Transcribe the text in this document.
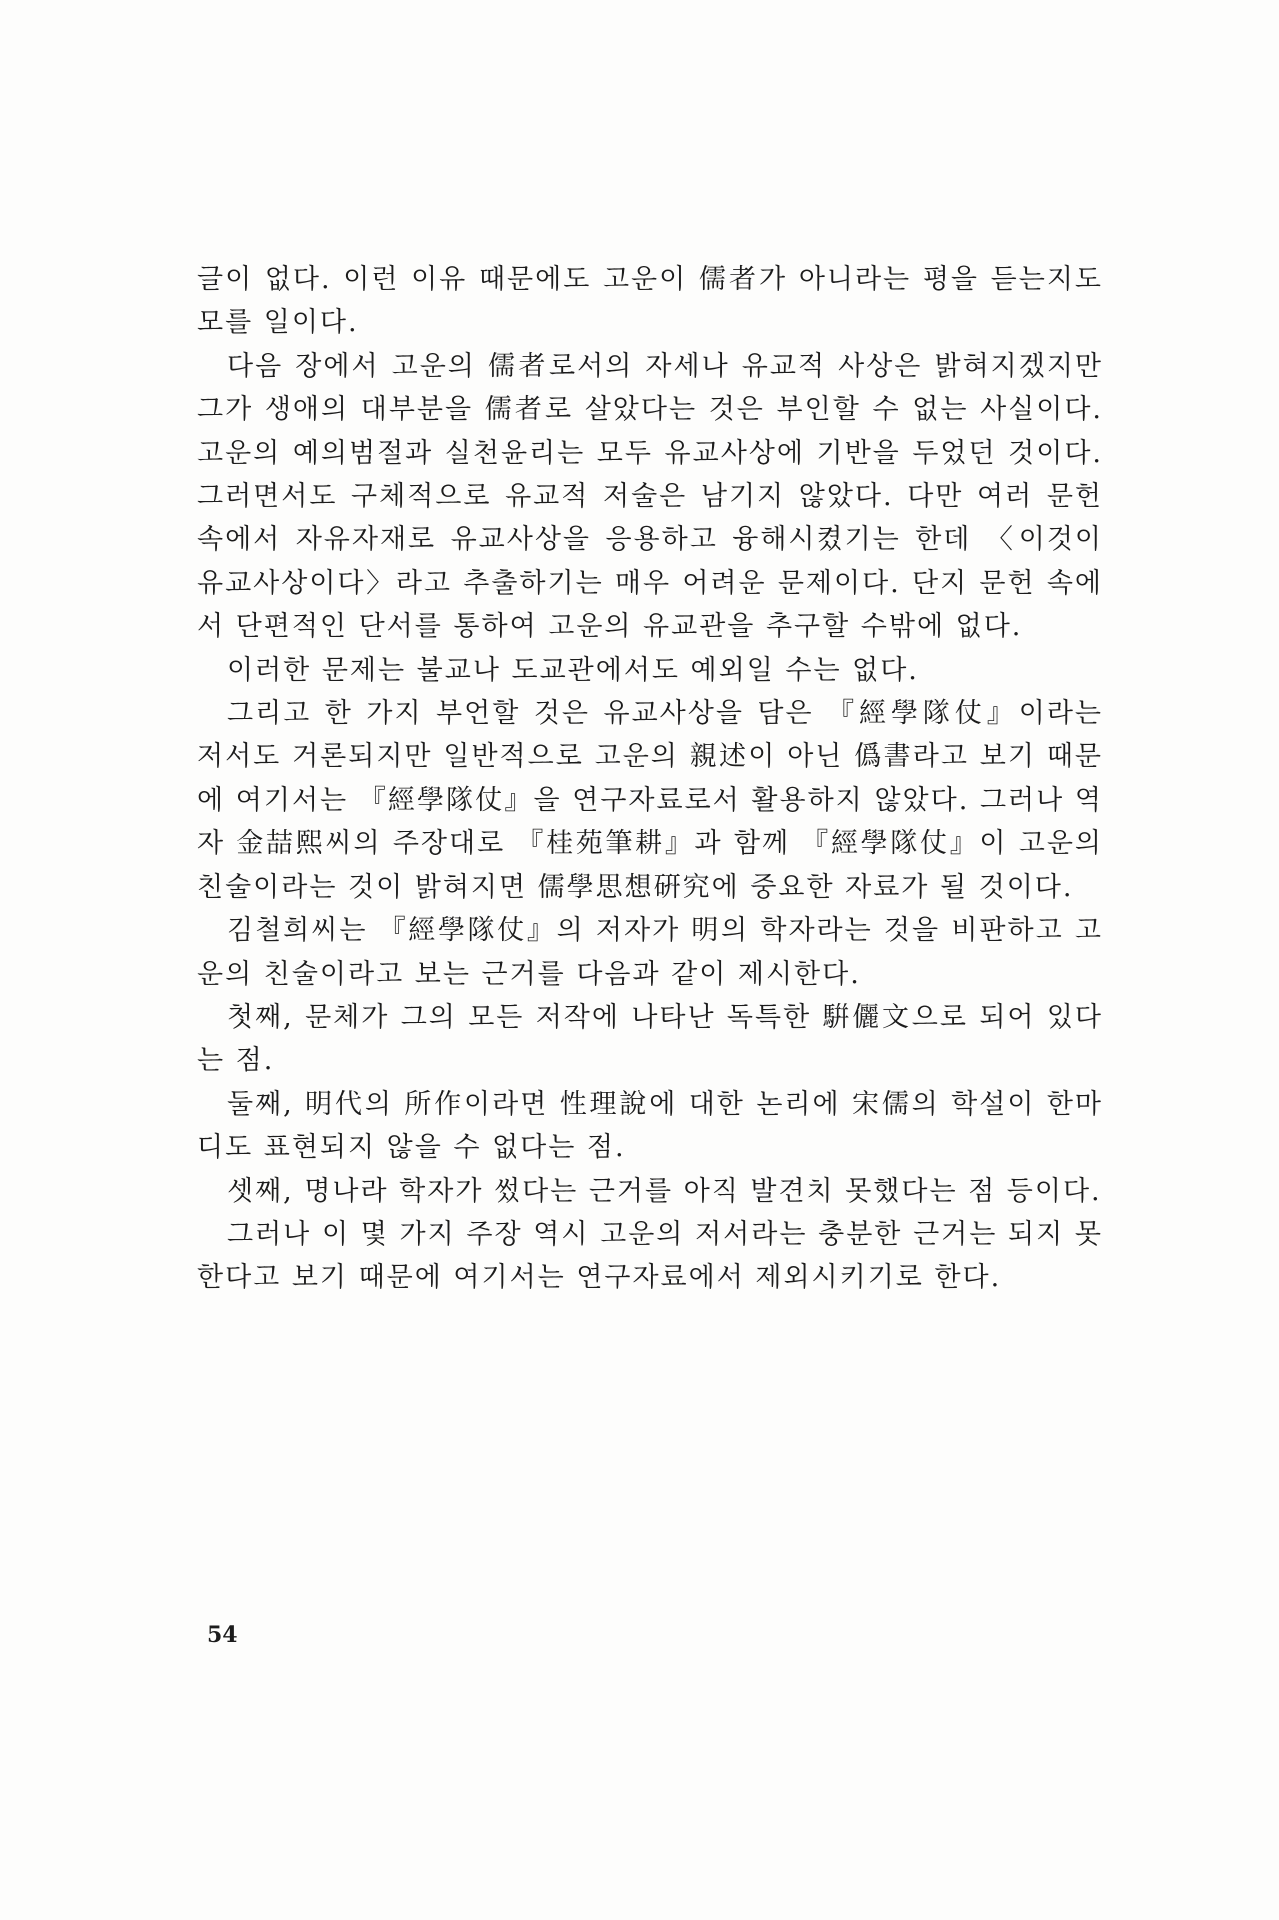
글이 없다. 이런 이유 때문에도 고운이 儒者가 아니라는 평을 듣는지도 모를 일이다.

다음 장에서 고운의 儒者로서의 자세나 유교적 사상은 밝혀지겠지만 그가 생애의 대부분을 儒者로 살았다는 것은 부인할 수 없는 사실이다. 고운의 예의범절과 실천윤리는 모두 유교사상에 기반을 두었던 것이다. 그러면서도 구체적으로 유교적 저술은 남기지 않았다. 다만 여러 문헌 속에서 자유자재로 유교사상을 응용하고 융해시켰기는 한데 〈이것이 유교사상이다〉라고 추출하기는 매우 어려운 문제이다. 단지 문헌 속에서 단편적인 단서를 통하여 고운의 유교관을 추구할 수밖에 없다.

이러한 문제는 불교나 도교관에서도 예외일 수는 없다.

그리고 한 가지 부언할 것은 유교사상을 담은 『經學隊仗』이라는 저서도 거론되지만 일반적으로 고운의 親述이 아닌 僞書라고 보기 때문에 여기서는 『經學隊仗』을 연구자료로서 활용하지 않았다. 그러나 역자 金喆熙씨의 주장대로 『桂苑筆耕』과 함께 『經學隊仗』이 고운의 친술이라는 것이 밝혀지면 儒學思想硏究에 중요한 자료가 될 것이다.

김철희씨는 『經學隊仗』의 저자가 明의 학자라는 것을 비판하고 고운의 친술이라고 보는 근거를 다음과 같이 제시한다.

첫째, 문체가 그의 모든 저작에 나타난 독특한 騈儷文으로 되어 있다는 점.

둘째, 明代의 所作이라면 性理說에 대한 논리에 宋儒의 학설이 한마디도 표현되지 않을 수 없다는 점.

셋째, 명나라 학자가 썼다는 근거를 아직 발견치 못했다는 점 등이다.

그러나 이 몇 가지 주장 역시 고운의 저서라는 충분한 근거는 되지 못한다고 보기 때문에 여기서는 연구자료에서 제외시키기로 한다.

54
